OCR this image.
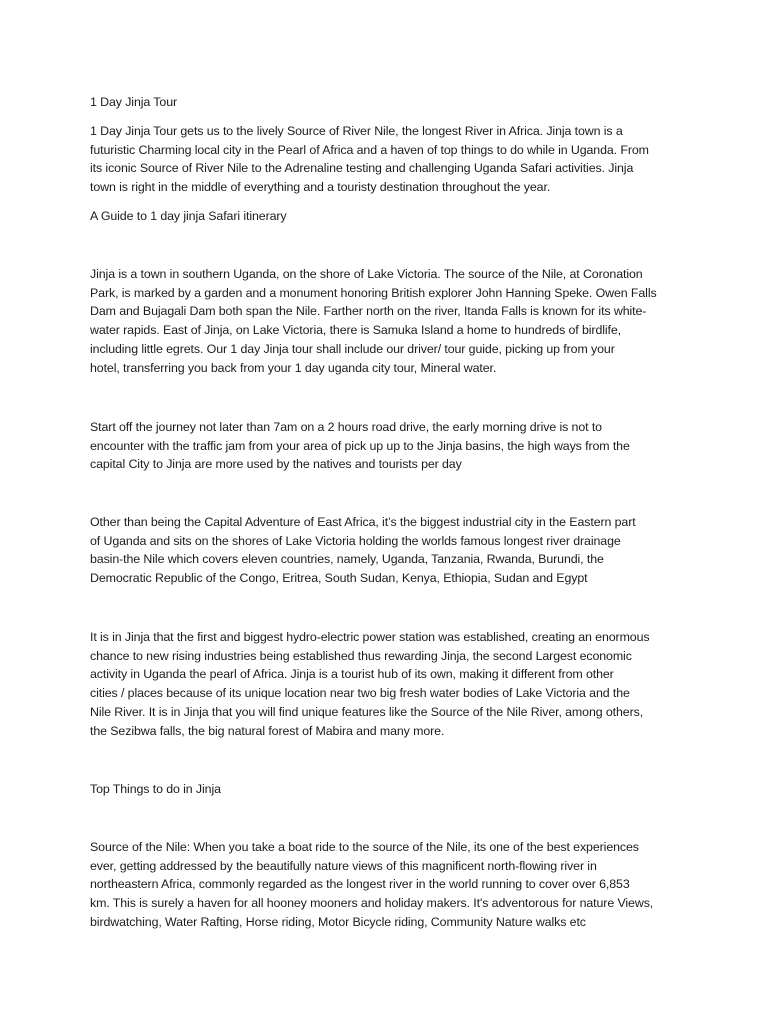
1 Day Jinja Tour

1 Day Jinja Tour gets us to the lively Source of River Nile, the longest River in Africa. Jinja town is a
futuristic Charming local city in the Pearl of Africa and a haven of top things to do while in Uganda. From
its iconic Source of River Nile to the Adrenaline testing and challenging Uganda Safari activities. Jinja
town is right in the middle of everything and a touristy destination throughout the year.

A Guide to 1 day jinja Safari itinerary

Jinja is a town in southern Uganda, on the shore of Lake Victoria. The source of the Nile, at Coronation
Park, is marked by a garden and a monument honoring British explorer John Hanning Speke. Owen Falls
Dam and Bujagali Dam both span the Nile. Farther north on the river, Itanda Falls is known for its white-
water rapids. East of Jinja, on Lake Victoria, there is Samuka Island a home to hundreds of birdlife,
including little egrets. Our 1 day Jinja tour shall include our driver/ tour guide, picking up from your
hotel, transferring you back from your 1 day uganda city tour, Mineral water.

Start off the journey not later than 7am on a 2 hours road drive, the early morning drive is not to
encounter with the traffic jam from your area of pick up up to the Jinja basins, the high ways from the
capital City to Jinja are more used by the natives and tourists per day

Other than being the Capital Adventure of East Africa, it’s the biggest industrial city in the Eastern part
of Uganda and sits on the shores of Lake Victoria holding the worlds famous longest river drainage
basin-the Nile which covers eleven countries, namely, Uganda, Tanzania, Rwanda, Burundi, the
Democratic Republic of the Congo, Eritrea, South Sudan, Kenya, Ethiopia, Sudan and Egypt

It is in Jinja that the first and biggest hydro-electric power station was established, creating an enormous
chance to new rising industries being established thus rewarding Jinja, the second Largest economic
activity in Uganda the pearl of Africa. Jinja is a tourist hub of its own, making it different from other
cities / places because of its unique location near two big fresh water bodies of Lake Victoria and the
Nile River. It is in Jinja that you will find unique features like the Source of the Nile River, among others,
the Sezibwa falls, the big natural forest of Mabira and many more.

Top Things to do in Jinja

Source of the Nile: When you take a boat ride to the source of the Nile, its one of the best experiences
ever, getting addressed by the beautifully nature views of this magnificent north-flowing river in
northeastern Africa, commonly regarded as the longest river in the world running to cover over 6,853
km. This is surely a haven for all hooney mooners and holiday makers. It's adventorous for nature Views,
birdwatching, Water Rafting, Horse riding, Motor Bicycle riding, Community Nature walks etc
